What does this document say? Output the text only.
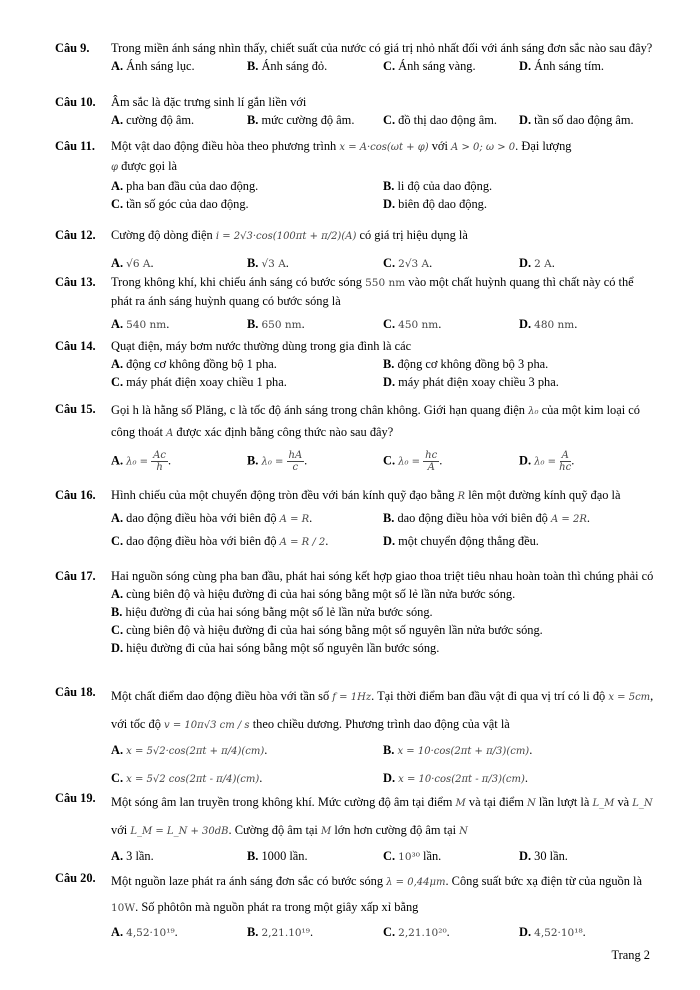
Câu 9.	Trong miền ánh sáng nhìn thấy, chiết suất của nước có giá trị nhỏ nhất đối với ánh sáng đơn sắc nào sau đây?
A. Ánh sáng lục.	B. Ánh sáng đỏ.	C. Ánh sáng vàng.	D. Ánh sáng tím.
Câu 10.	Âm sắc là đặc trưng sinh lí gắn liền với
A. cường độ âm.	B. mức cường độ âm.	C. đồ thị dao động âm.	D. tần số dao động âm.
Câu 11.	Một vật dao động điều hòa theo phương trình x = A·cos(ωt + φ) với A > 0; ω > 0. Đại lượng
φ được gọi là
A. pha ban đầu của dao động.	B. li độ của dao động.
C. tần số góc của dao động.	D. biên độ dao động.
Câu 12.	Cường độ dòng điện i = 2√3·cos(100πt + π/2)(A) có giá trị hiệu dụng là
A. √6 A.	B. √3 A.	C. 2√3 A.	D. 2 A.
Câu 13.	Trong không khí, khi chiếu ánh sáng có bước sóng 550 nm vào một chất huỳnh quang thì chất này có thể phát ra ánh sáng huỳnh quang có bước sóng là
A. 540 nm.	B. 650 nm.	C. 450 nm.	D. 480 nm.
Câu 14.	Quạt điện, máy bơm nước thường dùng trong gia đình là các
A. động cơ không đồng bộ 1 pha.	B. động cơ không đồng bộ 3 pha.
C. máy phát điện xoay chiều 1 pha.	D. máy phát điện xoay chiều 3 pha.
Câu 15.	Gọi h là hằng số Plăng, c là tốc độ ánh sáng trong chân không. Giới hạn quang điện λ₀ của một kim loại có công thoát A được xác định bằng công thức nào sau đây?
A. $\lambda_0 = \frac{Ac}{h}$ .	B. $\lambda_0 = \frac{hA}{c}$ .	C. $\lambda_0 = \frac{hc}{A}$ .	D. $\lambda_0 = \frac{A}{hc}$ .
Câu 16.	Hình chiếu của một chuyển động tròn đều với bán kính quỹ đạo bằng R lên một đường kính quỹ đạo là
A. dao động điều hòa với biên độ A = R.	B. dao động điều hòa với biên độ A = 2R.
C. dao động điều hòa với biên độ A = R / 2.	D. một chuyển động thẳng đều.
Câu 17.	Hai nguồn sóng cùng pha ban đầu, phát hai sóng kết hợp giao thoa triệt tiêu nhau hoàn toàn thì chúng phải có
A. cùng biên độ và hiệu đường đi của hai sóng bằng một số lẻ lần nửa bước sóng.
B. hiệu đường đi của hai sóng bằng một số lẻ lần nửa bước sóng.
C. cùng biên độ và hiệu đường đi của hai sóng bằng một số nguyên lần nửa bước sóng.
D. hiệu đường đi của hai sóng bằng một số nguyên lần bước sóng.
Câu 18.	Một chất điểm dao động điều hòa với tần số f = 1Hz. Tại thời điểm ban đầu vật đi qua vị trí có li độ x = 5cm, với tốc độ v = 10π√3 cm / s theo chiều dương. Phương trình dao động của vật là
A. x = 5√2·cos(2πt + π/4)(cm).	B. x = 10·cos(2πt + π/3)(cm).
C. x = 5√2 cos(2πt - π/4)(cm).	D. x = 10·cos(2πt - π/3)(cm).
Câu 19.	Một sóng âm lan truyền trong không khí. Mức cường độ âm tại điểm M và tại điểm N lần lượt là L_M và L_N với L_M = L_N + 30dB. Cường độ âm tại M lớn hơn cường độ âm tại N
A. 3 lần.	B. 1000 lần.	C. 10³⁰ lần.	D. 30 lần.
Câu 20.	Một nguồn laze phát ra ánh sáng đơn sắc có bước sóng λ = 0,44μm. Công suất bức xạ điện từ của nguồn là 10W. Số phôtôn mà nguồn phát ra trong một giây xấp xỉ bằng
A. 4,52·10¹⁹.	B. 2,21.10¹⁹.	C. 2,21.10²⁰.	D. 4,52·10¹⁸.
Trang 2
